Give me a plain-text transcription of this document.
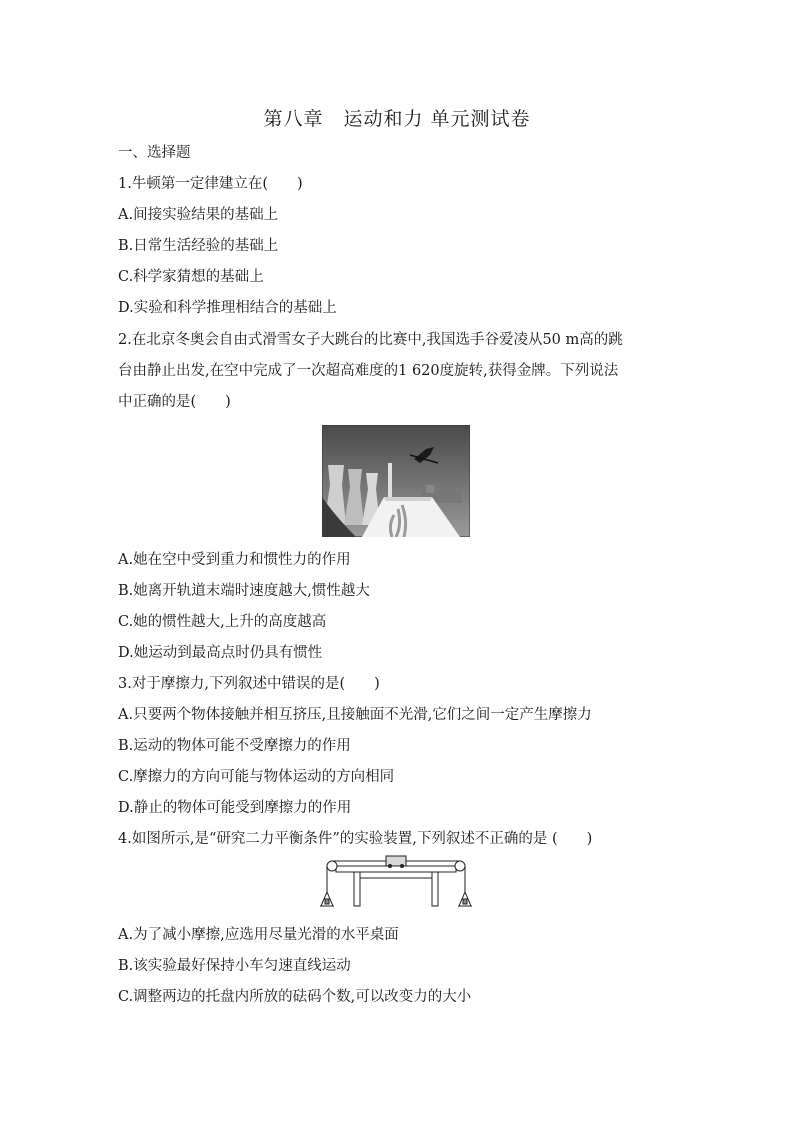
第八章　运动和力 单元测试卷
一、选择题
1.牛顿第一定律建立在(　　)
A.间接实验结果的基础上
B.日常生活经验的基础上
C.科学家猜想的基础上
D.实验和科学推理相结合的基础上
2.在北京冬奥会自由式滑雪女子大跳台的比赛中,我国选手谷爱凌从50 m高的跳
台由静止出发,在空中完成了一次超高难度的1 620度旋转,获得金牌。下列说法
中正确的是(　　)
A.她在空中受到重力和惯性力的作用
B.她离开轨道末端时速度越大,惯性越大
C.她的惯性越大,上升的高度越高
D.她运动到最高点时仍具有惯性
3.对于摩擦力,下列叙述中错误的是(　　)
A.只要两个物体接触并相互挤压,且接触面不光滑,它们之间一定产生摩擦力
B.运动的物体可能不受摩擦力的作用
C.摩擦力的方向可能与物体运动的方向相同
D.静止的物体可能受到摩擦力的作用
4.如图所示,是“研究二力平衡条件”的实验装置,下列叙述不正确的是 (　　)
A.为了减小摩擦,应选用尽量光滑的水平桌面
B.该实验最好保持小车匀速直线运动
C.调整两边的托盘内所放的砝码个数,可以改变力的大小
